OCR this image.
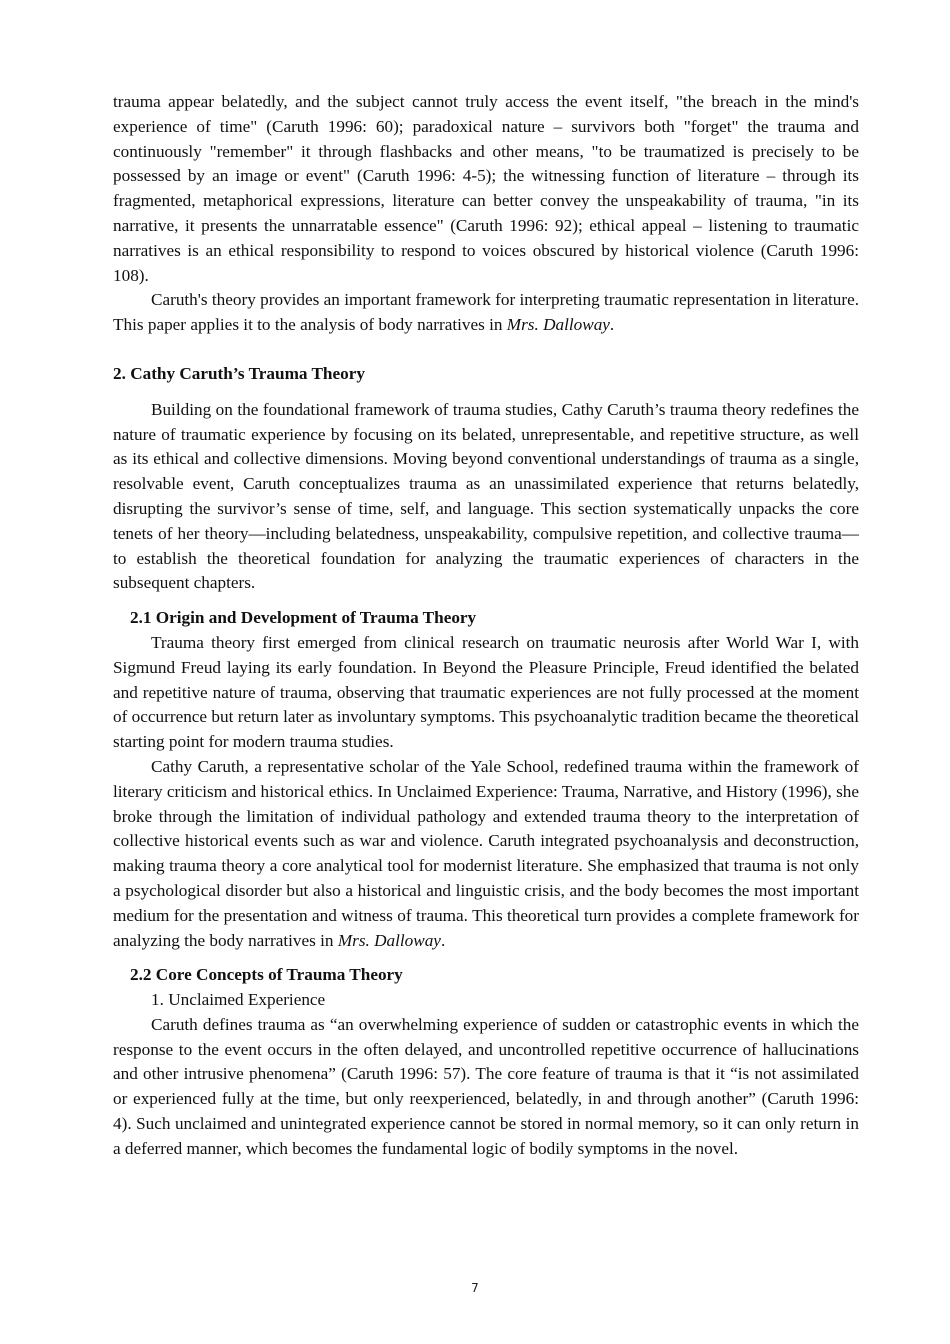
trauma appear belatedly, and the subject cannot truly access the event itself, "the breach in the mind's experience of time" (Caruth 1996: 60); paradoxical nature – survivors both "forget" the trauma and continuously "remember" it through flashbacks and other means, "to be traumatized is precisely to be possessed by an image or event" (Caruth 1996: 4-5); the witnessing function of literature – through its fragmented, metaphorical expressions, literature can better convey the unspeakability of trauma, "in its narrative, it presents the unnarratable essence" (Caruth 1996: 92); ethical appeal – listening to traumatic narratives is an ethical responsibility to respond to voices obscured by historical violence (Caruth 1996: 108).

Caruth's theory provides an important framework for interpreting traumatic representation in literature. This paper applies it to the analysis of body narratives in Mrs. Dalloway.

2. Cathy Caruth’s Trauma Theory

Building on the foundational framework of trauma studies, Cathy Caruth’s trauma theory redefines the nature of traumatic experience by focusing on its belated, unrepresentable, and repetitive structure, as well as its ethical and collective dimensions. Moving beyond conventional understandings of trauma as a single, resolvable event, Caruth conceptualizes trauma as an unassimilated experience that returns belatedly, disrupting the survivor’s sense of time, self, and language. This section systematically unpacks the core tenets of her theory—including belatedness, unspeakability, compulsive repetition, and collective trauma—to establish the theoretical foundation for analyzing the traumatic experiences of characters in the subsequent chapters.

2.1 Origin and Development of Trauma Theory

Trauma theory first emerged from clinical research on traumatic neurosis after World War I, with Sigmund Freud laying its early foundation. In Beyond the Pleasure Principle, Freud identified the belated and repetitive nature of trauma, observing that traumatic experiences are not fully processed at the moment of occurrence but return later as involuntary symptoms. This psychoanalytic tradition became the theoretical starting point for modern trauma studies.

Cathy Caruth, a representative scholar of the Yale School, redefined trauma within the framework of literary criticism and historical ethics. In Unclaimed Experience: Trauma, Narrative, and History (1996), she broke through the limitation of individual pathology and extended trauma theory to the interpretation of collective historical events such as war and violence. Caruth integrated psychoanalysis and deconstruction, making trauma theory a core analytical tool for modernist literature. She emphasized that trauma is not only a psychological disorder but also a historical and linguistic crisis, and the body becomes the most important medium for the presentation and witness of trauma. This theoretical turn provides a complete framework for analyzing the body narratives in Mrs. Dalloway.

2.2 Core Concepts of Trauma Theory

1. Unclaimed Experience

Caruth defines trauma as “an overwhelming experience of sudden or catastrophic events in which the response to the event occurs in the often delayed, and uncontrolled repetitive occurrence of hallucinations and other intrusive phenomena” (Caruth 1996: 57). The core feature of trauma is that it “is not assimilated or experienced fully at the time, but only reexperienced, belatedly, in and through another” (Caruth 1996: 4). Such unclaimed and unintegrated experience cannot be stored in normal memory, so it can only return in a deferred manner, which becomes the fundamental logic of bodily symptoms in the novel.

7
